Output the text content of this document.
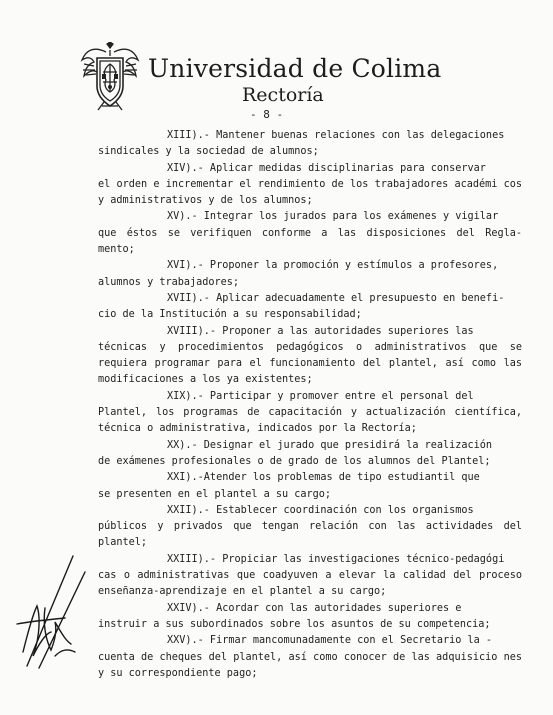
Universidad de Colima
Rectoría
- 8 -

XIII).- Mantener buenas relaciones con las delegaciones
sindicales y la sociedad de alumnos;

XIV).- Aplicar medidas disciplinarias para conservar
el orden e incrementar el rendimiento de los trabajadores académi cos y administrativos y de los alumnos;

XV).- Integrar los jurados para los exámenes y vigilar
que éstos se verifiquen conforme a las disposiciones del Regla- mento;

XVI).- Proponer la promoción y estímulos a profesores,
alumnos y trabajadores;

XVII).- Aplicar adecuadamente el presupuesto en benefi-
cio de la Institución a su responsabilidad;

XVIII).- Proponer a las autoridades superiores las
técnicas y procedimientos pedagógicos o administrativos que se requiera programar para el funcionamiento del plantel, así como las modificaciones a los ya existentes;

XIX).- Participar y promover entre el personal del
Plantel, los programas de capacitación y actualización científica, técnica o administrativa, indicados por la Rectoría;

XX).- Designar el jurado que presidirá la realización
de exámenes profesionales o de grado de los alumnos del Plantel;

XXI).-Atender los problemas de tipo estudiantil que
se presenten en el plantel a su cargo;

XXII).- Establecer coordinación con los organismos
públicos y privados que tengan relación con las actividades del plantel;

XXIII).- Propiciar las investigaciones técnico-pedagógi
cas o administrativas que coadyuven a elevar la calidad del proceso enseñanza-aprendizaje en el plantel a su cargo;

XXIV).- Acordar con las autoridades superiores e
instruir a sus subordinados sobre los asuntos de su competencia;

XXV).- Firmar mancomunadamente con el Secretario la -
cuenta de cheques del plantel, así como conocer de las adquisicio nes y su correspondiente pago;
